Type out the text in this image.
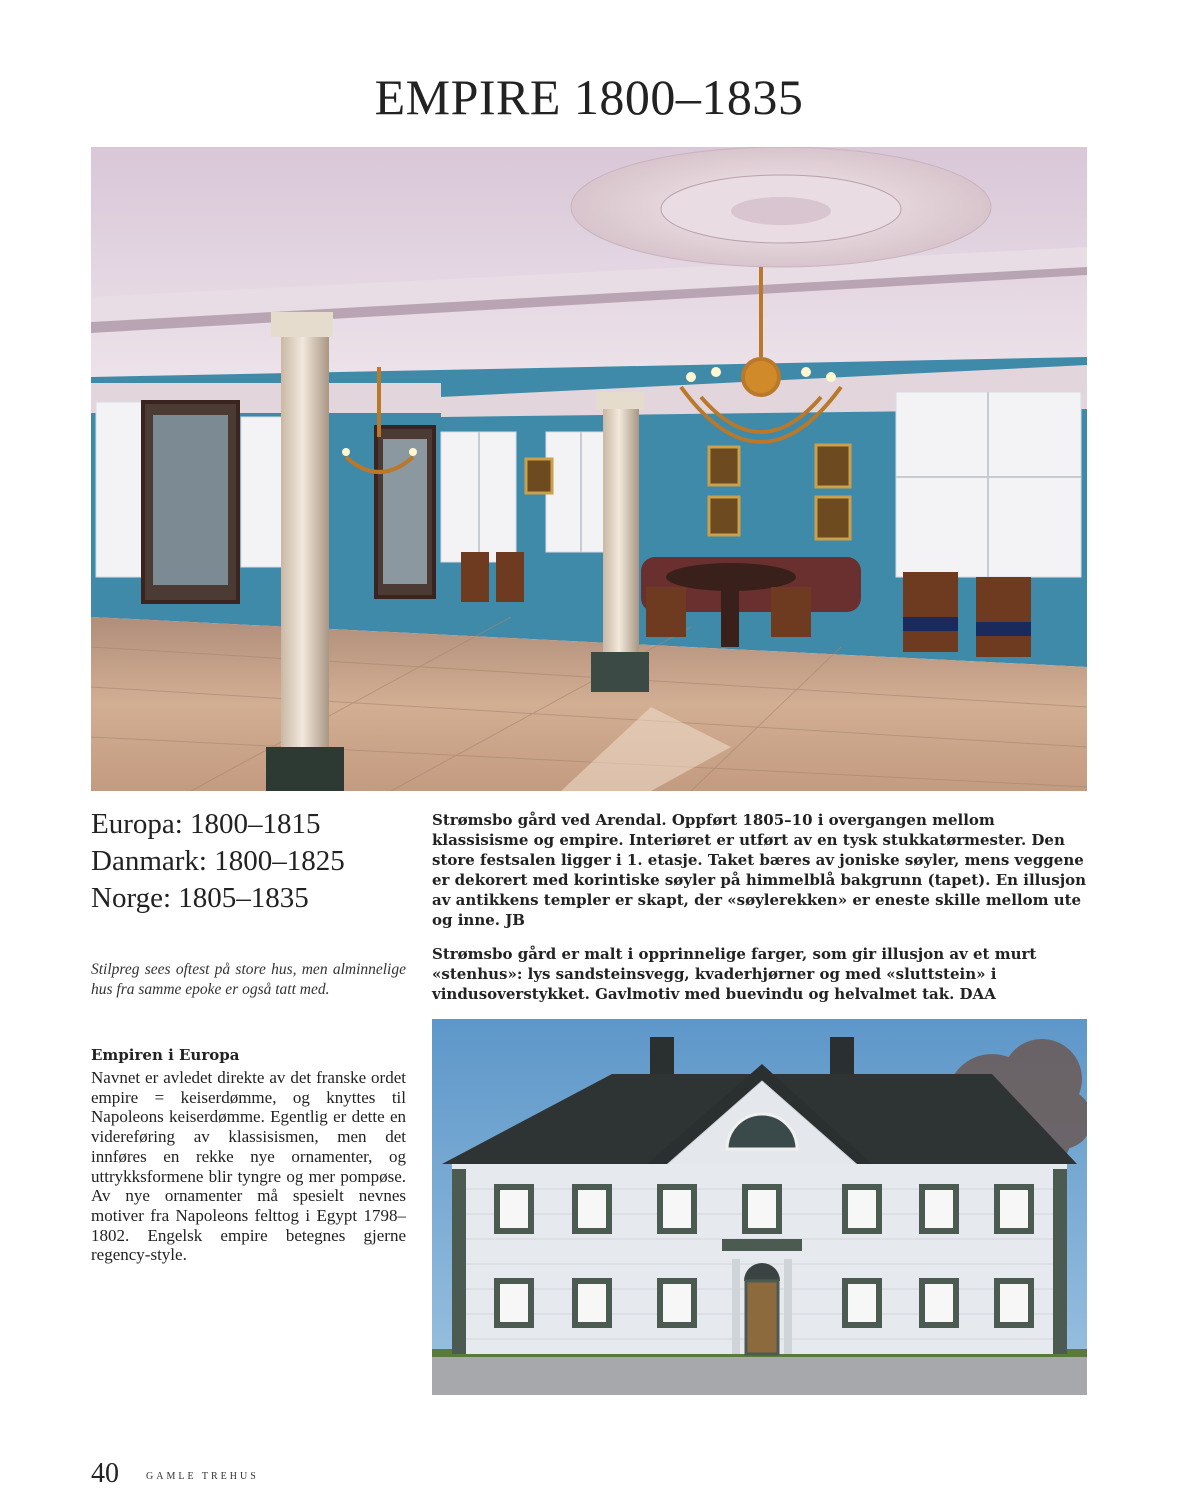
EMPIRE 1800–1835
Europa: 1800–1815
Danmark: 1800–1825
Norge: 1805–1835
Strømsbo gård ved Arendal. Oppført 1805–10 i overgangen mellom klassisisme og empire. Interiøret er utført av en tysk stukkatørmester. Den store festsalen ligger i 1. etasje. Taket bæres av joniske søyler, mens veggene er dekorert med korintiske søyler på himmelblå bakgrunn (tapet). En illusjon av antikkens templer er skapt, der «søylerekken» er eneste skille mellom ute og inne. JB
Strømsbo gård er malt i opprinnelige farger, som gir illusjon av et murt «stenhus»: lys sandsteinsvegg, kvaderhjørner og med «sluttstein» i vindusoverstykket. Gavlmotiv med buevindu og helvalmet tak. DAA
Stilpreg sees oftest på store hus, men alminnelige hus fra samme epoke er også tatt med.
Empiren i Europa
Navnet er avledet direkte av det franske ordet empire = keiserdømme, og knyttes til Napoleons keiserdømme. Egentlig er dette en videreføring av klassisismen, men det innføres en rekke nye ornamenter, og uttrykksformene blir tyngre og mer pompøse. Av nye ornamenter må spesielt nevnes motiver fra Napoleons felttog i Egypt 1798–1802. Engelsk empire betegnes gjerne regency-style.
40	GAMLE TREHUS
